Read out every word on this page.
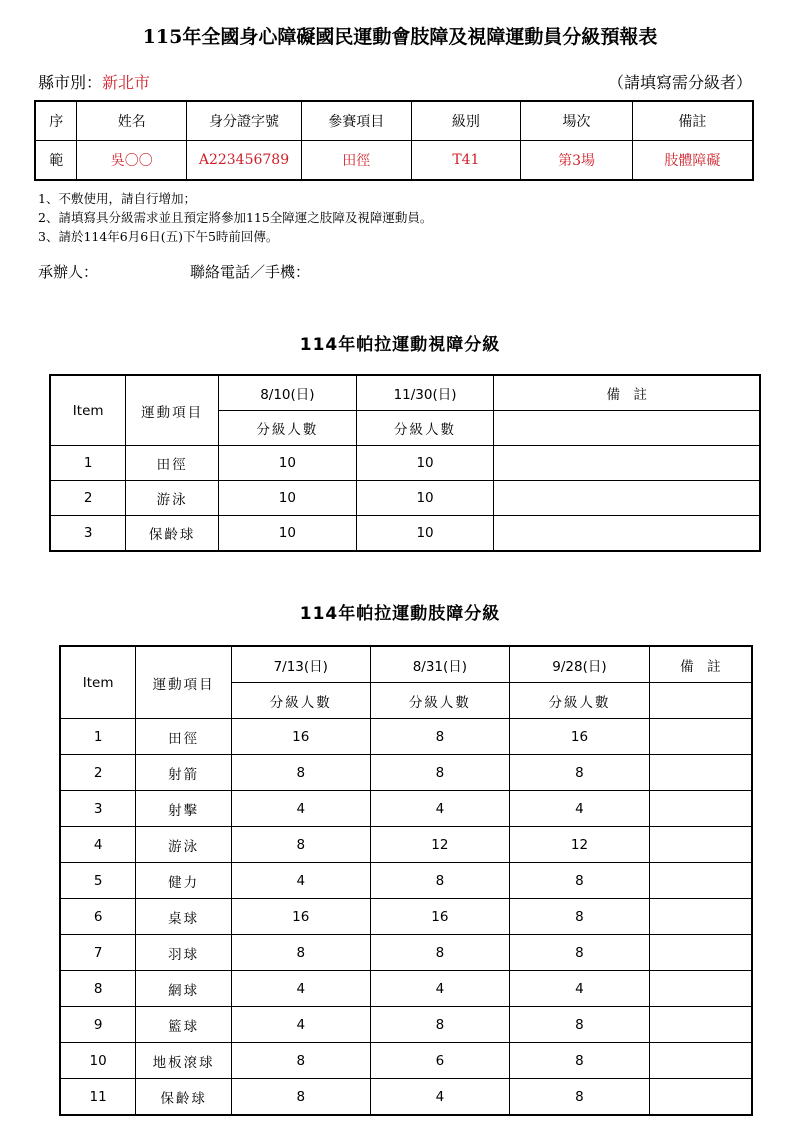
115年全國身心障礙國民運動會肢障及視障運動員分級預報表
縣市別：新北市	（請填寫需分級者）
序	姓名	身分證字號	參賽項目	級別	場次	備註
範	吳〇〇	A223456789	田徑	T41	第3場	肢體障礙
1、不敷使用，請自行增加；
2、請填寫具分級需求並且預定將參加115全障運之肢障及視障運動員。
3、請於114年6月6日(五)下午5時前回傳。
承辦人：	聯絡電話／手機：
114年帕拉運動視障分級
Item	運動項目	8/10(日)	11/30(日)	備　註
		分級人數	分級人數	
1	田徑	10	10	
2	游泳	10	10	
3	保齡球	10	10	
114年帕拉運動肢障分級
Item	運動項目	7/13(日)	8/31(日)	9/28(日)	備　註
		分級人數	分級人數	分級人數	
1	田徑	16	8	16	
2	射箭	8	8	8	
3	射擊	4	4	4	
4	游泳	8	12	12	
5	健力	4	8	8	
6	桌球	16	16	8	
7	羽球	8	8	8	
8	網球	4	4	4	
9	籃球	4	8	8	
10	地板滾球	8	6	8	
11	保齡球	8	4	8	
